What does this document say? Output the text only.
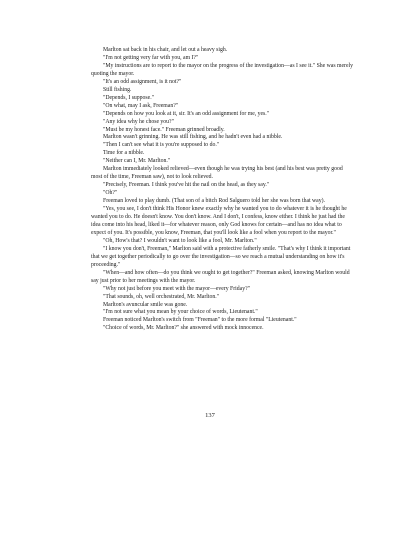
Marlton sat back in his chair, and let out a heavy sigh.

"I'm not getting very far with you, am I?"

"My instructions are to report to the mayor on the progress of the investigation—as I see it." She was merely quoting the mayor.

"It's an odd assignment, is it not?"

Still fishing.

"Depends, I suppose."

"On what, may I ask, Freeman?"

"Depends on how you look at it, sir. It's an odd assignment for me, yes."

"Any idea why he chose you?"

"Must be my honest face." Freeman grinned broadly.

Marlton wasn't grinning. He was still fishing, and he hadn't even had a nibble.

"Then I can't see what it is you're supposed to do."

Time for a nibble.

"Neither can I, Mr. Marlton."

Marlton immediately looked relieved—even though he was trying his best (and his best was pretty good most of the time, Freeman saw), not to look relieved.

"Precisely, Freeman. I think you've hit the nail on the head, as they say."

"Oh?"

Freeman loved to play dumb. (That son of a bitch Rod Salguero told her she was born that way).

"Yes, you see, I don't think His Honor knew exactly why he wanted you to do whatever it is he thought he wanted you to do. He doesn't know. You don't know. And I don't, I confess, know either. I think he just had the idea come into his head, liked it—for whatever reason, only God knows for certain—and has no idea what to expect of you. It's possible, you know, Freeman, that you'll look like a fool when you report to the mayor."

"Oh, How's that? I wouldn't want to look like a fool, Mr. Marlton."

"I know you don't, Freeman," Marlton said with a protective fatherly smile. "That's why I think it important that we get together periodically to go over the investigation—so we reach a mutual understanding on how it's proceeding."

"When—and how often—do you think we ought to get together?" Freeman asked, knowing Marlton would say just prior to her meetings with the mayor.

"Why not just before you meet with the mayor—every Friday?"

"That sounds, oh, well orchestrated, Mr. Marlton."

Marlton's avuncular smile was gone.

"I'm not sure what you mean by your choice of words, Lieutenant."

Freeman noticed Marlton's switch from "Freeman" to the more formal "Lieutenant."

"Choice of words, Mr. Marlton?" she answered with mock innocence.

137
